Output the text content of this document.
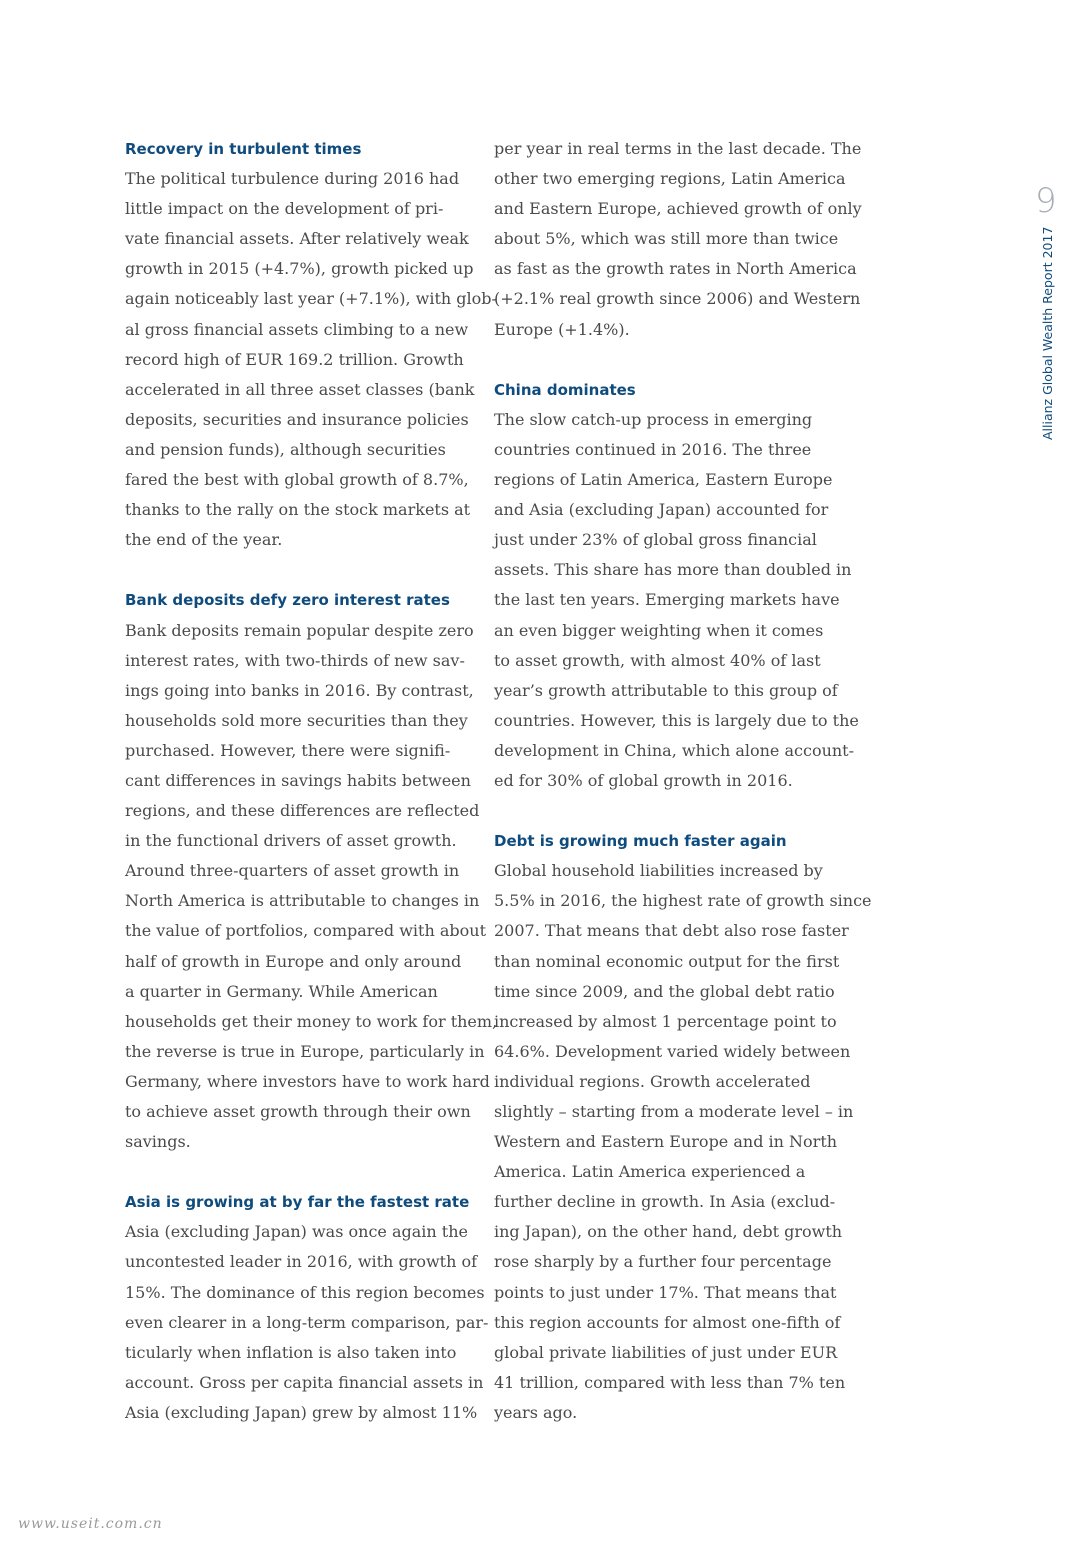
Recovery in turbulent times
The political turbulence during 2016 had
little impact on the development of pri-
vate financial assets. After relatively weak
growth in 2015 (+4.7%), growth picked up
again noticeably last year (+7.1%), with glob-
al gross financial assets climbing to a new
record high of EUR 169.2 trillion. Growth
accelerated in all three asset classes (bank
deposits, securities and insurance policies
and pension funds), although securities
fared the best with global growth of 8.7%,
thanks to the rally on the stock markets at
the end of the year.
Bank deposits defy zero interest rates
Bank deposits remain popular despite zero
interest rates, with two-thirds of new sav-
ings going into banks in 2016. By contrast,
households sold more securities than they
purchased. However, there were signifi-
cant differences in savings habits between
regions, and these differences are reflected
in the functional drivers of asset growth.
Around three-quarters of asset growth in
North America is attributable to changes in
the value of portfolios, compared with about
half of growth in Europe and only around
a quarter in Germany. While American
households get their money to work for them,
the reverse is true in Europe, particularly in
Germany, where investors have to work hard
to achieve asset growth through their own
savings.
Asia is growing at by far the fastest rate
Asia (excluding Japan) was once again the
uncontested leader in 2016, with growth of
15%. The dominance of this region becomes
even clearer in a long-term comparison, par-
ticularly when inflation is also taken into
account. Gross per capita financial assets in
Asia (excluding Japan) grew by almost 11%
per year in real terms in the last decade. The
other two emerging regions, Latin America
and Eastern Europe, achieved growth of only
about 5%, which was still more than twice
as fast as the growth rates in North America
(+2.1% real growth since 2006) and Western
Europe (+1.4%).
China dominates
The slow catch-up process in emerging
countries continued in 2016. The three
regions of Latin America, Eastern Europe
and Asia (excluding Japan) accounted for
just under 23% of global gross financial
assets. This share has more than doubled in
the last ten years. Emerging markets have
an even bigger weighting when it comes
to asset growth, with almost 40% of last
year’s growth attributable to this group of
countries. However, this is largely due to the
development in China, which alone account-
ed for 30% of global growth in 2016.
Debt is growing much faster again
Global household liabilities increased by
5.5% in 2016, the highest rate of growth since
2007. That means that debt also rose faster
than nominal economic output for the first
time since 2009, and the global debt ratio
increased by almost 1 percentage point to
64.6%. Development varied widely between
individual regions. Growth accelerated
slightly – starting from a moderate level – in
Western and Eastern Europe and in North
America. Latin America experienced a
further decline in growth. In Asia (exclud-
ing Japan), on the other hand, debt growth
rose sharply by a further four percentage
points to just under 17%. That means that
this region accounts for almost one-fifth of
global private liabilities of just under EUR
41 trillion, compared with less than 7% ten
years ago.
9
Allianz Global Wealth Report 2017
www.useit.com.cn
